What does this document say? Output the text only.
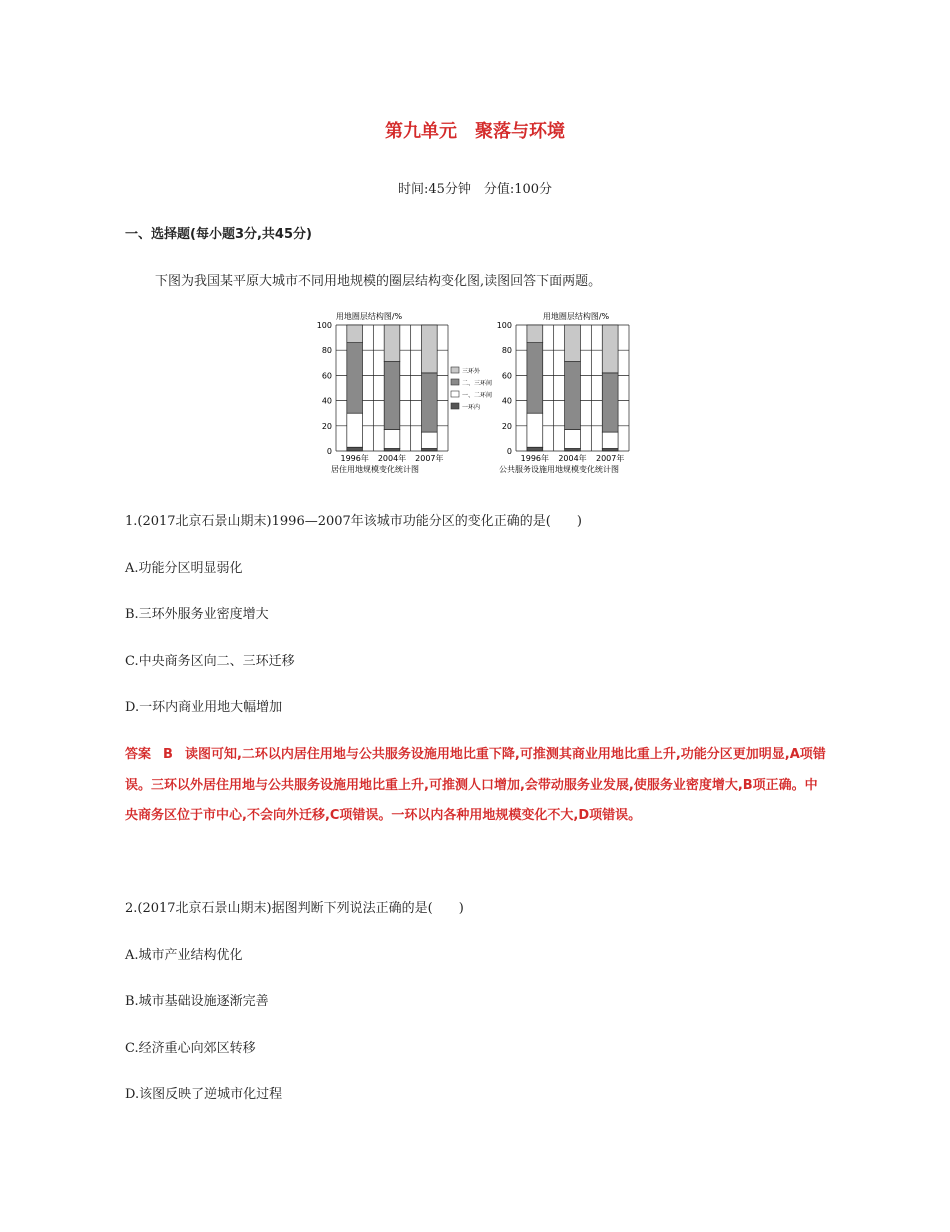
第九单元　聚落与环境
时间:45分钟　分值:100分
一、选择题(每小题3分,共45分)
下图为我国某平原大城市不同用地规模的圈层结构变化图,读图回答下面两题。
用地圈层结构图/%
0
20
40
60
80
100
1996年 2004年 2007年
居住用地规模变化统计图
三环外
二、三环间
一、二环间
一环内
用地圈层结构图/%
0
20
40
60
80
100
1996年 2004年 2007年
公共服务设施用地规模变化统计图
1.(2017北京石景山期末)1996—2007年该城市功能分区的变化正确的是(　　)
A.功能分区明显弱化
B.三环外服务业密度增大
C.中央商务区向二、三环迁移
D.一环内商业用地大幅增加
答案 B 读图可知,二环以内居住用地与公共服务设施用地比重下降,可推测其商业用地比重上升,功能分区更加明显,A项错误。三环以外居住用地与公共服务设施用地比重上升,可推测人口增加,会带动服务业发展,使服务业密度增大,B项正确。中央商务区位于市中心,不会向外迁移,C项错误。一环以内各种用地规模变化不大,D项错误。
2.(2017北京石景山期末)据图判断下列说法正确的是(　　)
A.城市产业结构优化
B.城市基础设施逐渐完善
C.经济重心向郊区转移
D.该图反映了逆城市化过程
